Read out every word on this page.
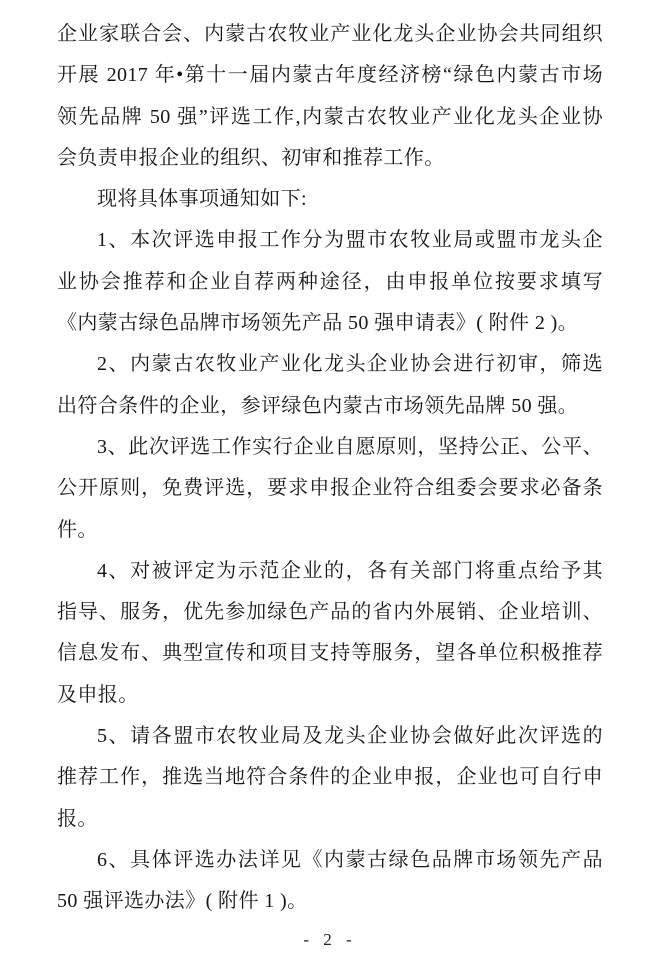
企业家联合会、内蒙古农牧业产业化龙头企业协会共同组织
开展 2017 年•第十一届内蒙古年度经济榜“绿色内蒙古市场
领先品牌 50 强”评选工作,内蒙古农牧业产业化龙头企业协
会负责申报企业的组织、初审和推荐工作。
现将具体事项通知如下:
1、本次评选申报工作分为盟市农牧业局或盟市龙头企
业协会推荐和企业自荐两种途径，由申报单位按要求填写
《内蒙古绿色品牌市场领先产品 50 强申请表》( 附件 2 )。
2、内蒙古农牧业产业化龙头企业协会进行初审，筛选
出符合条件的企业，参评绿色内蒙古市场领先品牌 50 强。
3、此次评选工作实行企业自愿原则，坚持公正、公平、
公开原则，免费评选，要求申报企业符合组委会要求必备条
件。
4、对被评定为示范企业的，各有关部门将重点给予其
指导、服务，优先参加绿色产品的省内外展销、企业培训、
信息发布、典型宣传和项目支持等服务，望各单位积极推荐
及申报。
5、请各盟市农牧业局及龙头企业协会做好此次评选的
推荐工作，推选当地符合条件的企业申报，企业也可自行申
报。
6、具体评选办法详见《内蒙古绿色品牌市场领先产品
50 强评选办法》( 附件 1 )。
- 2 -
